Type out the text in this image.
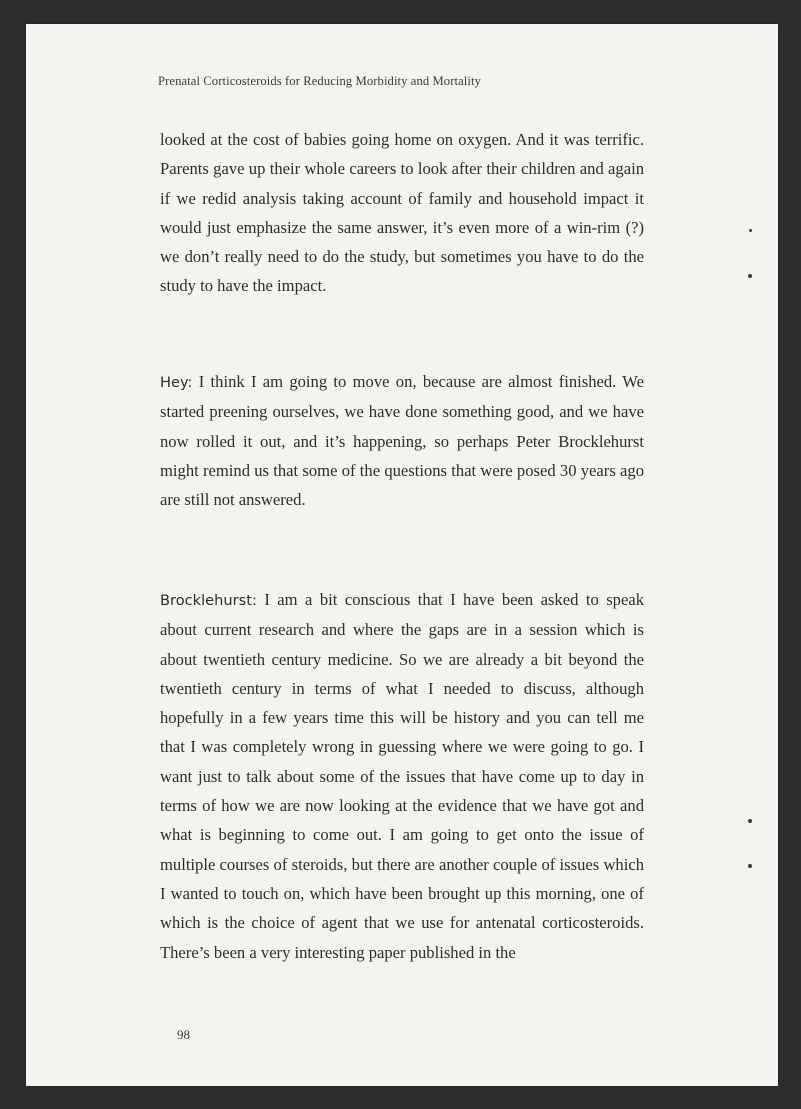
Prenatal Corticosteroids for Reducing Morbidity and Mortality

looked at the cost of babies going home on oxygen. And it was terrific. Parents gave up their whole careers to look after their children and again if we redid analysis taking account of family and household impact it would just emphasize the same answer, it’s even more of a win-rim (?) we don’t really need to do the study, but sometimes you have to do the study to have the impact.

Hey: I think I am going to move on, because are almost finished. We started preening ourselves, we have done something good, and we have now rolled it out, and it’s happening, so perhaps Peter Brocklehurst might remind us that some of the questions that were posed 30 years ago are still not answered.

Brocklehurst: I am a bit conscious that I have been asked to speak about current research and where the gaps are in a session which is about twentieth century medicine. So we are already a bit beyond the twentieth century in terms of what I needed to discuss, although hopefully in a few years time this will be history and you can tell me that I was completely wrong in guessing where we were going to go. I want just to talk about some of the issues that have come up to day in terms of how we are now looking at the evidence that we have got and what is beginning to come out. I am going to get onto the issue of multiple courses of steroids, but there are another couple of issues which I wanted to touch on, which have been brought up this morning, one of which is the choice of agent that we use for antenatal corticosteroids. There’s been a very interesting paper published in the

98
